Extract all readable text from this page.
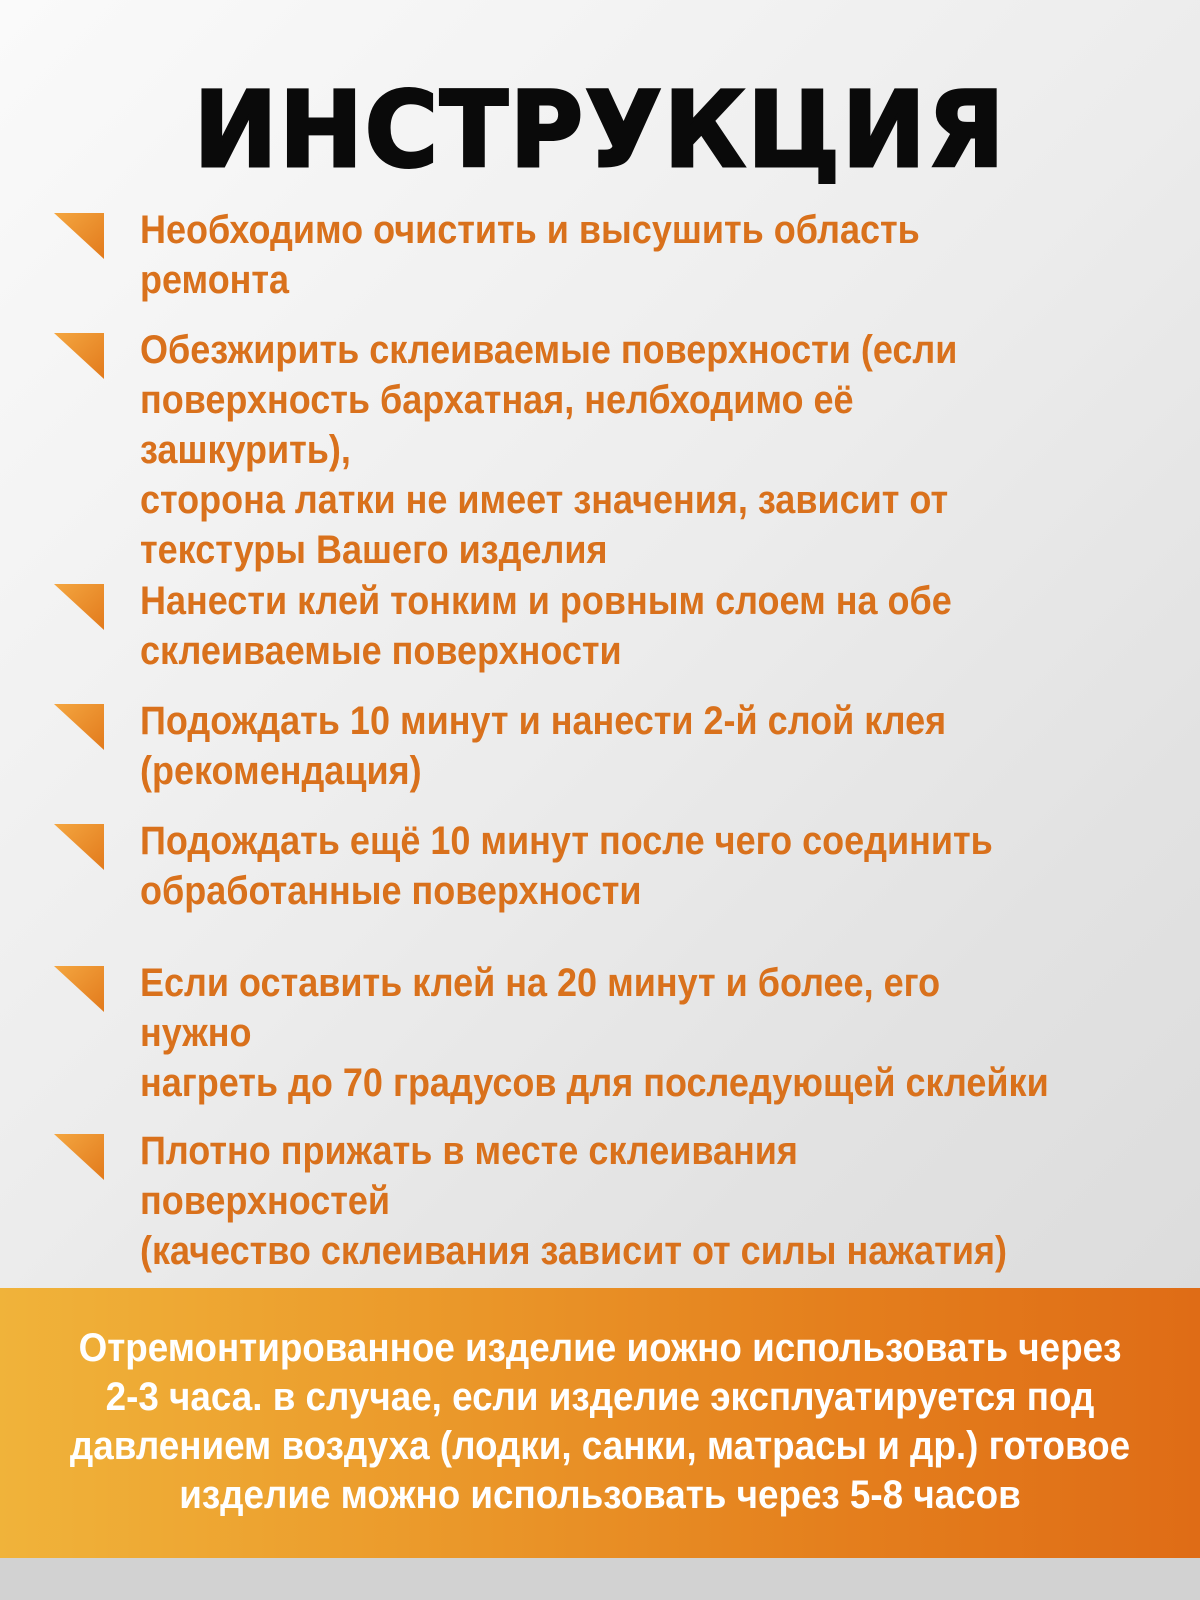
ИНСТРУКЦИЯ
Необходимо очистить и высушить область ремонта
Обезжирить склеиваемые поверхности (если
поверхность бархатная, нелбходимо её зашкурить),
сторона латки не имеет значения, зависит от
текстуры Вашего изделия
Нанести клей тонким и ровным слоем на обе
склеиваемые поверхности
Подождать 10 минут и нанести 2-й слой клея
(рекомендация)
Подождать ещё 10 минут после чего соединить
обработанные поверхности
Если оставить клей на 20 минут и более, его нужно
нагреть до 70 градусов для последующей склейки
Плотно прижать в месте склеивания поверхностей
(качество склеивания зависит от силы нажатия)
Отремонтированное изделие иожно использовать через
2-3 часа. в случае, если изделие эксплуатируется под
давлением воздуха (лодки, санки, матрасы и др.) готовое
изделие можно использовать через 5-8 часов
